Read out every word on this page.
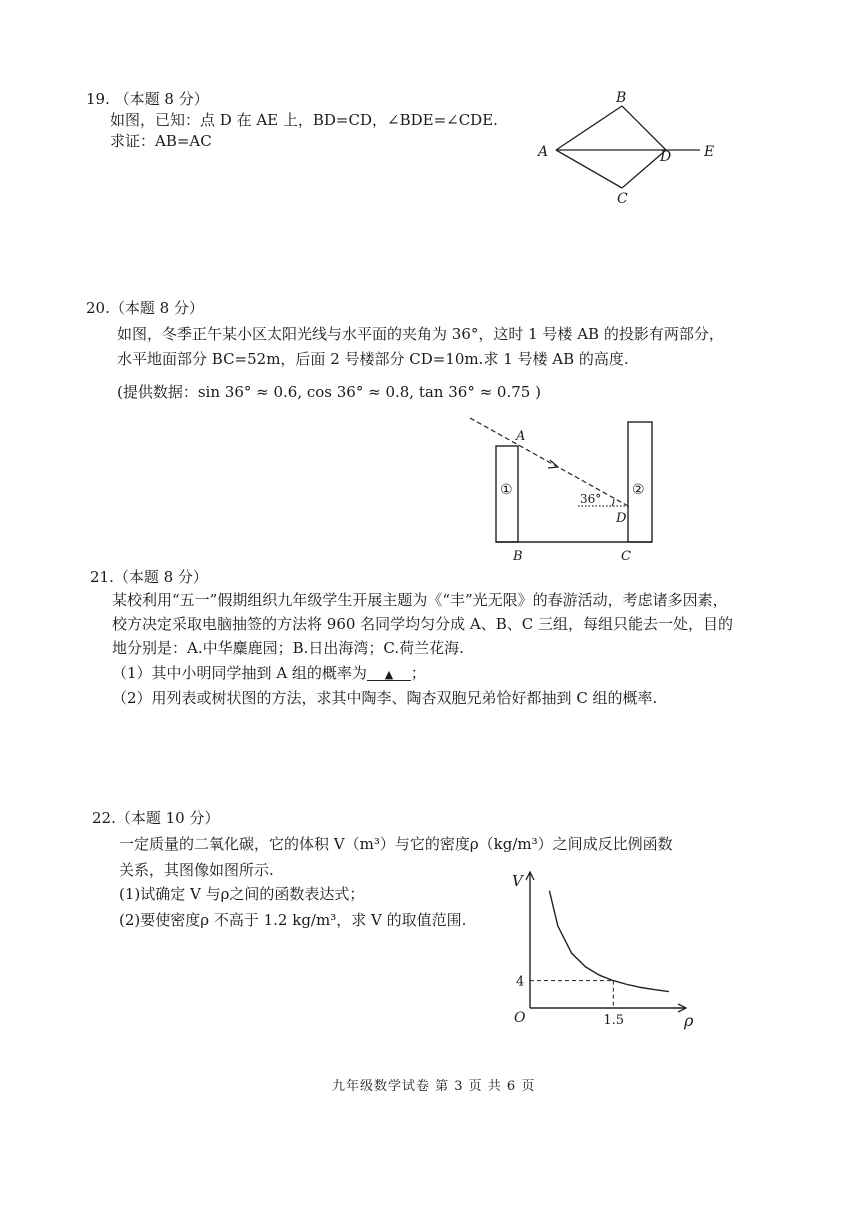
19. （本题 8 分）
如图，已知：点 D 在 AE 上，BD=CD，∠BDE=∠CDE.
求证：AB=AC
A
B
C
D E
20.（本题 8 分）
如图，冬季正午某小区太阳光线与水平面的夹角为 36°，这时 1 号楼 AB 的投影有两部分，
水平地面部分 BC=52m，后面 2 号楼部分 CD=10m.求 1 号楼 AB 的高度.
(提供数据：sin 36° ≈ 0.6, cos 36° ≈ 0.8, tan 36° ≈ 0.75 )
①	②
36°
A
B	C
D
21.（本题 8 分）
某校利用“五一”假期组织九年级学生开展主题为《“丰”光无限》的春游活动，考虑诸多因素，
校方决定采取电脑抽签的方法将 960 名同学均匀分成 A、B、C 三组，每组只能去一处，目的
地分别是：A.中华麋鹿园；B.日出海湾；C.荷兰花海.
（1）其中小明同学抽到 A 组的概率为 ▲ ；
（2）用列表或树状图的方法，求其中陶李、陶杏双胞兄弟恰好都抽到 C 组的概率.
22.（本题 10 分）
一定质量的二氧化碳，它的体积 V（m³）与它的密度ρ（kg/m³）之间成反比例函数
关系，其图像如图所示.
(1)试确定 V 与ρ之间的函数表达式；
(2)要使密度ρ 不高于 1.2 kg/m³，求 V 的取值范围.
V
ρ
O
4
1.5
九年级数学试卷 第 3 页 共 6 页
